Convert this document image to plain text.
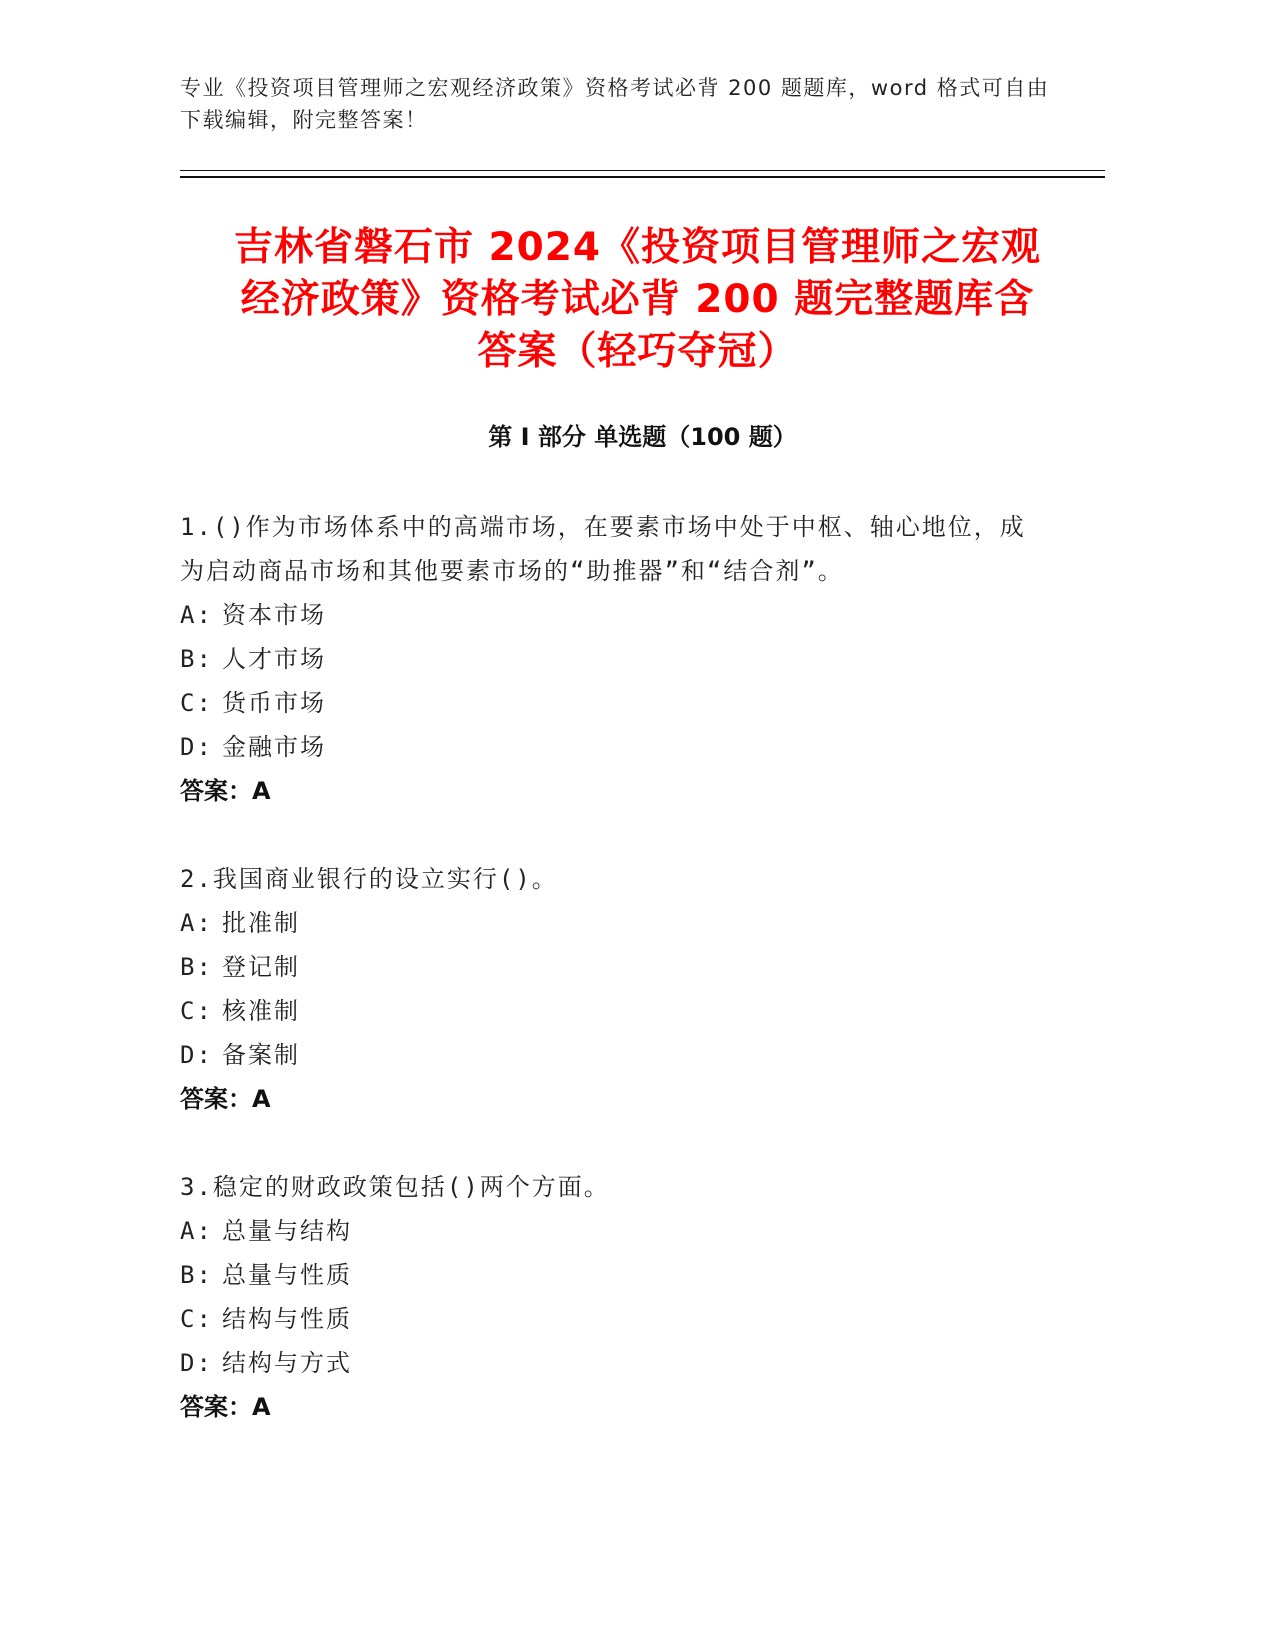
专业《投资项目管理师之宏观经济政策》资格考试必背 200 题题库，word 格式可自由下载编辑，附完整答案！
吉林省磐石市 2024《投资项目管理师之宏观
经济政策》资格考试必背 200 题完整题库含
答案（轻巧夺冠）
第 I 部分 单选题（100 题）
1.()作为市场体系中的高端市场，在要素市场中处于中枢、轴心地位，成为启动商品市场和其他要素市场的“助推器”和“结合剂”。
A: 资本市场
B: 人才市场
C: 货币市场
D: 金融市场
答案：A
2.我国商业银行的设立实行()。
A: 批准制
B: 登记制
C: 核准制
D: 备案制
答案：A
3.稳定的财政政策包括()两个方面。
A: 总量与结构
B: 总量与性质
C: 结构与性质
D: 结构与方式
答案：A
